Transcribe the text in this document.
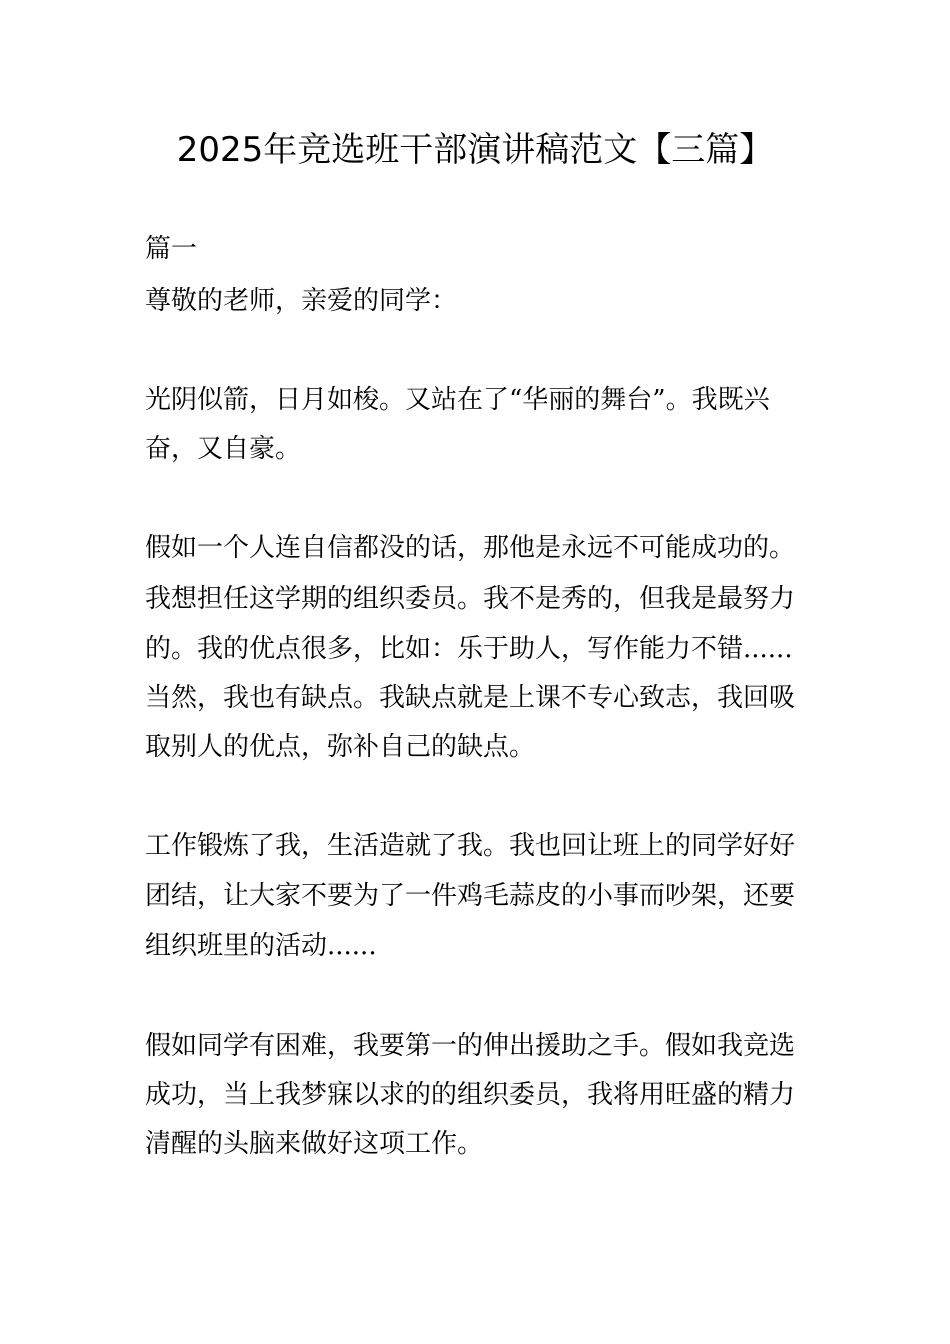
2025年竞选班干部演讲稿范文【三篇】
篇一
尊敬的老师，亲爱的同学：
光阴似箭，日月如梭。又站在了“华丽的舞台”。我既兴
奋，又自豪。
假如一个人连自信都没的话，那他是永远不可能成功的。
我想担任这学期的组织委员。我不是秀的，但我是最努力
的。我的优点很多，比如：乐于助人，写作能力不错......
当然，我也有缺点。我缺点就是上课不专心致志，我回吸
取别人的优点，弥补自己的缺点。
工作锻炼了我，生活造就了我。我也回让班上的同学好好
团结，让大家不要为了一件鸡毛蒜皮的小事而吵架，还要
组织班里的活动......
假如同学有困难，我要第一的伸出援助之手。假如我竞选
成功，当上我梦寐以求的的组织委员，我将用旺盛的精力
清醒的头脑来做好这项工作。
